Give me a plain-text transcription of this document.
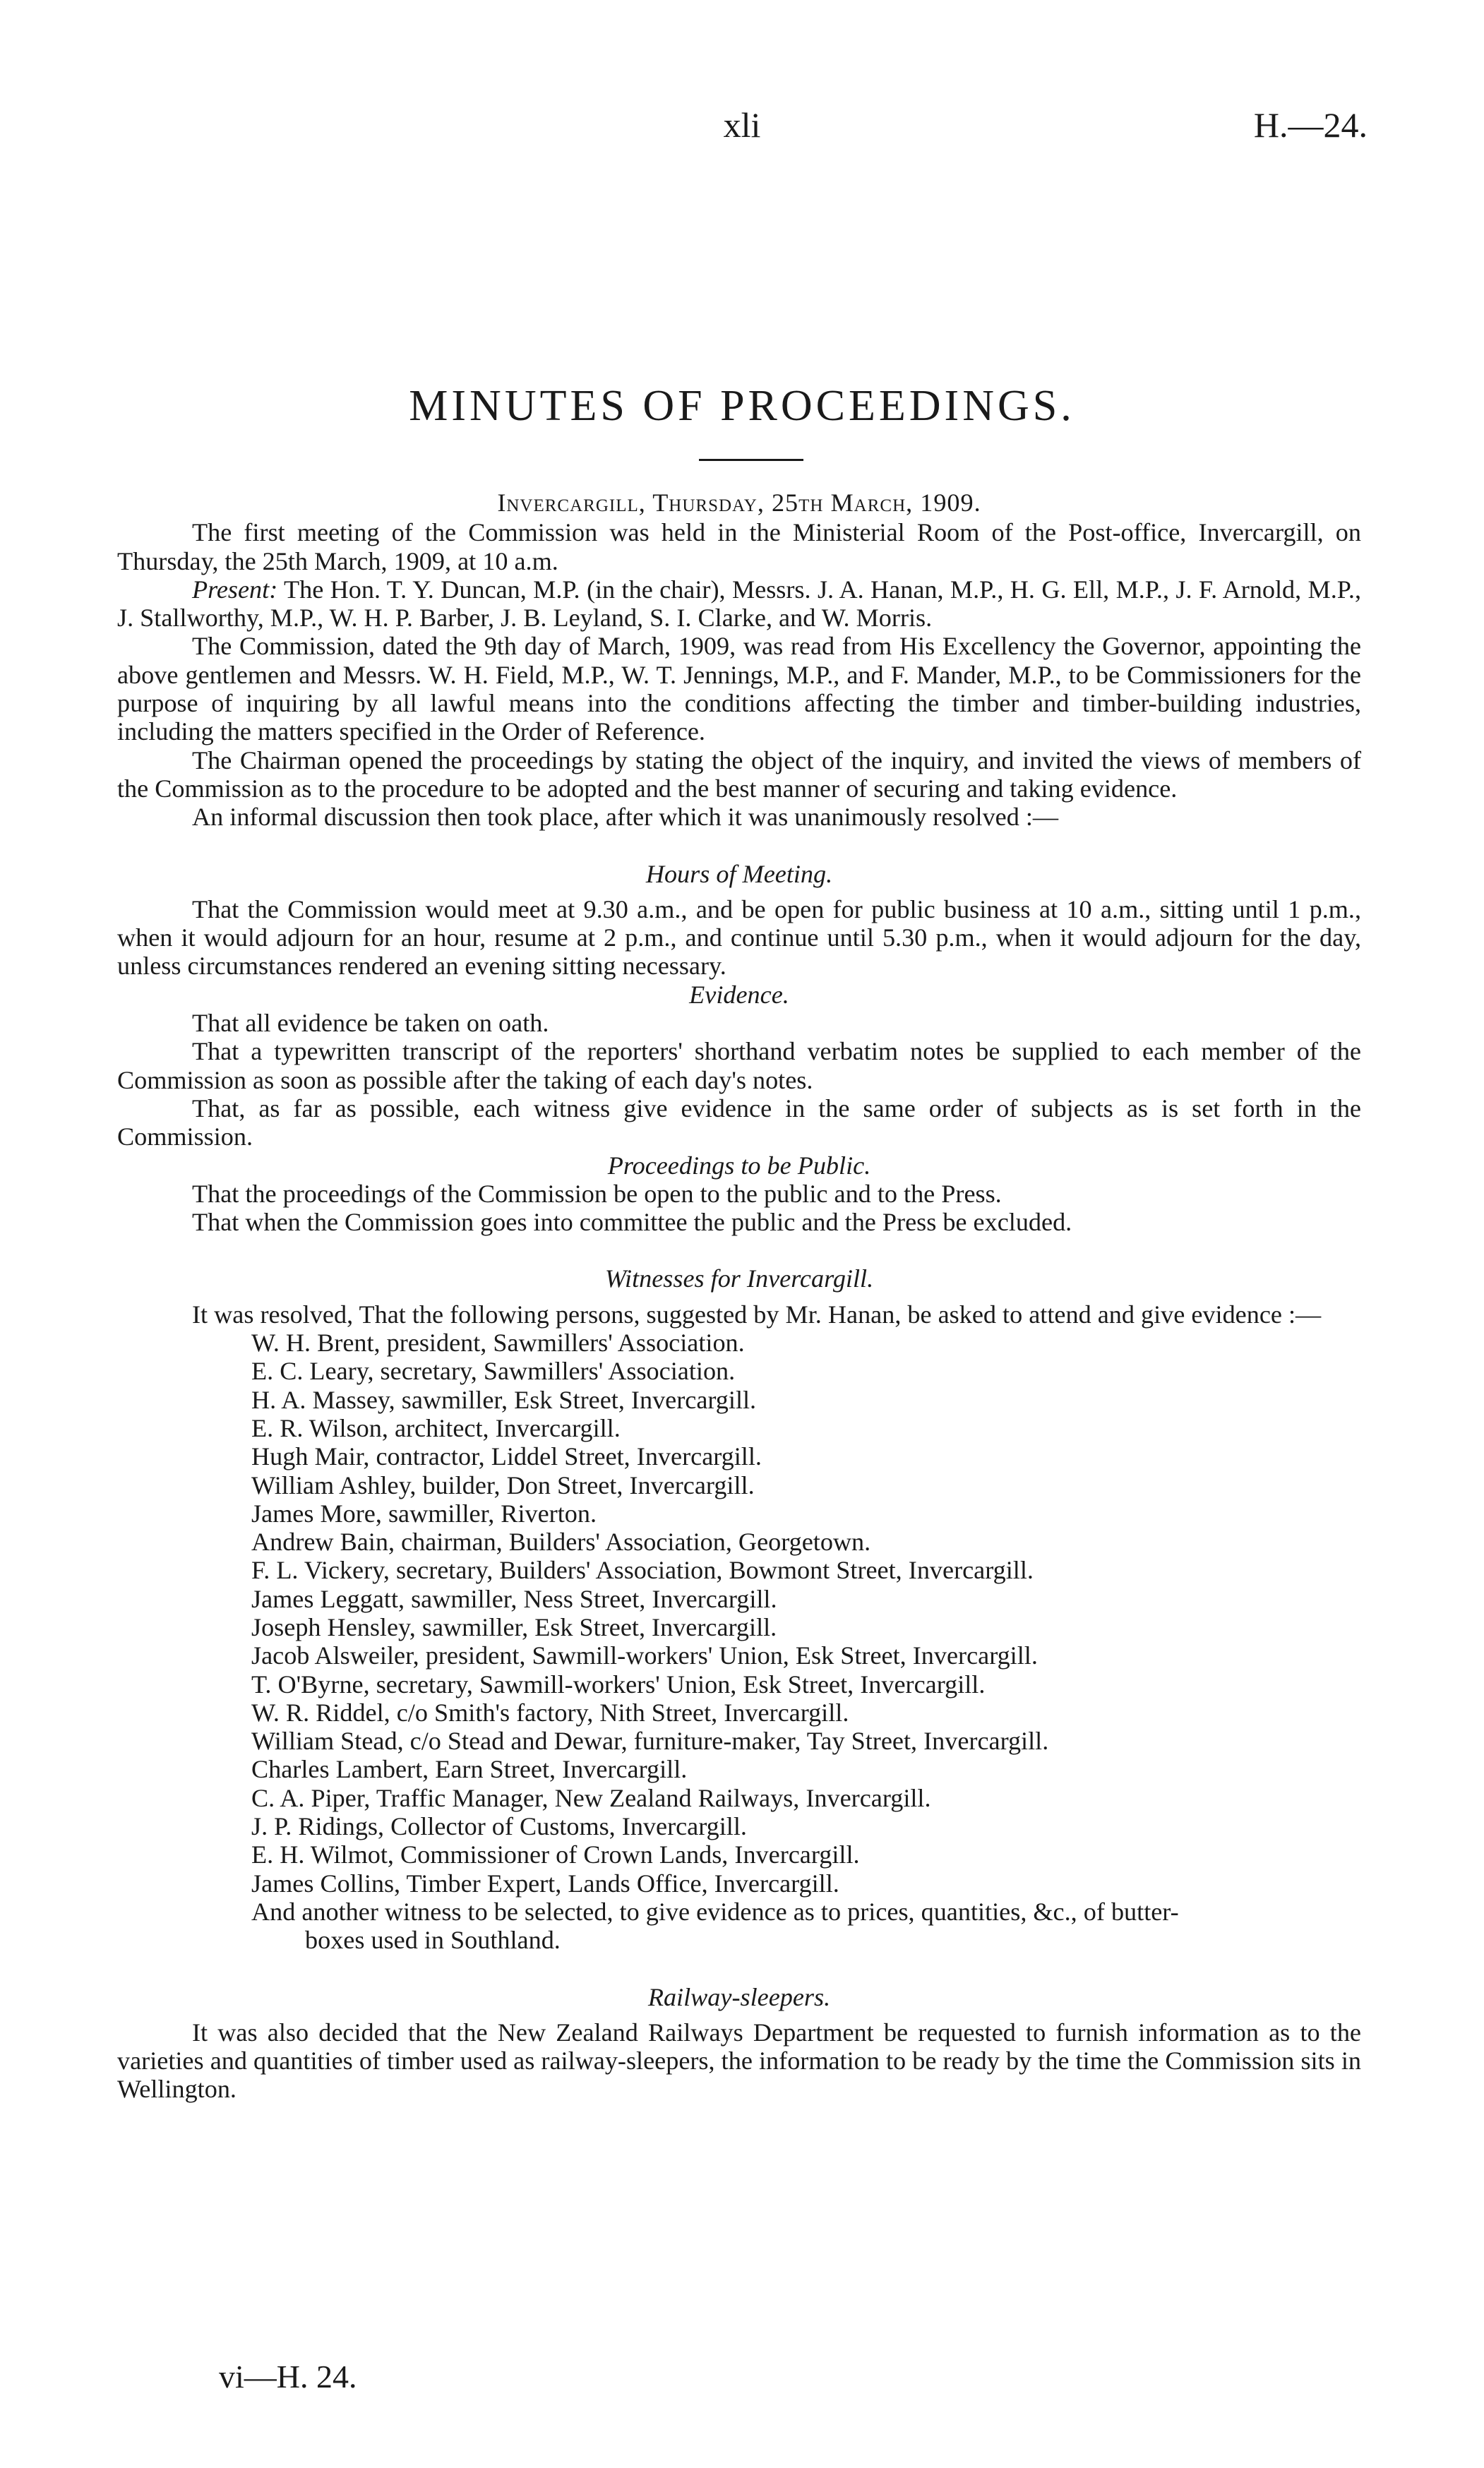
xli	H.—24.
MINUTES OF PROCEEDINGS.

Invercargill, Thursday, 25th March, 1909.

The first meeting of the Commission was held in the Ministerial Room of the Post-office, Invercargill, on Thursday, the 25th March, 1909, at 10 a.m.

Present: The Hon. T. Y. Duncan, M.P. (in the chair), Messrs. J. A. Hanan, M.P., H. G. Ell, M.P., J. F. Arnold, M.P., J. Stallworthy, M.P., W. H. P. Barber, J. B. Leyland, S. I. Clarke, and W. Morris.

The Commission, dated the 9th day of March, 1909, was read from His Excellency the Governor, appointing the above gentlemen and Messrs. W. H. Field, M.P., W. T. Jennings, M.P., and F. Mander, M.P., to be Commissioners for the purpose of inquiring by all lawful means into the conditions affecting the timber and timber-building industries, including the matters specified in the Order of Reference.

The Chairman opened the proceedings by stating the object of the inquiry, and invited the views of members of the Commission as to the procedure to be adopted and the best manner of securing and taking evidence.

An informal discussion then took place, after which it was unanimously resolved :—

Hours of Meeting.

That the Commission would meet at 9.30 a.m., and be open for public business at 10 a.m., sitting until 1 p.m., when it would adjourn for an hour, resume at 2 p.m., and continue until 5.30 p.m., when it would adjourn for the day, unless circumstances rendered an evening sitting necessary.

Evidence.

That all evidence be taken on oath.

That a typewritten transcript of the reporters' shorthand verbatim notes be supplied to each member of the Commission as soon as possible after the taking of each day's notes.

That, as far as possible, each witness give evidence in the same order of subjects as is set forth in the Commission.

Proceedings to be Public.

That the proceedings of the Commission be open to the public and to the Press.

That when the Commission goes into committee the public and the Press be excluded.

Witnesses for Invercargill.

It was resolved, That the following persons, suggested by Mr. Hanan, be asked to attend and give evidence :—

W. H. Brent, president, Sawmillers' Association.
E. C. Leary, secretary, Sawmillers' Association.
H. A. Massey, sawmiller, Esk Street, Invercargill.
E. R. Wilson, architect, Invercargill.
Hugh Mair, contractor, Liddel Street, Invercargill.
William Ashley, builder, Don Street, Invercargill.
James More, sawmiller, Riverton.
Andrew Bain, chairman, Builders' Association, Georgetown.
F. L. Vickery, secretary, Builders' Association, Bowmont Street, Invercargill.
James Leggatt, sawmiller, Ness Street, Invercargill.
Joseph Hensley, sawmiller, Esk Street, Invercargill.
Jacob Alsweiler, president, Sawmill-workers' Union, Esk Street, Invercargill.
T. O'Byrne, secretary, Sawmill-workers' Union, Esk Street, Invercargill.
W. R. Riddel, c/o Smith's factory, Nith Street, Invercargill.
William Stead, c/o Stead and Dewar, furniture-maker, Tay Street, Invercargill.
Charles Lambert, Earn Street, Invercargill.
C. A. Piper, Traffic Manager, New Zealand Railways, Invercargill.
J. P. Ridings, Collector of Customs, Invercargill.
E. H. Wilmot, Commissioner of Crown Lands, Invercargill.
James Collins, Timber Expert, Lands Office, Invercargill.

And another witness to be selected, to give evidence as to prices, quantities, &c., of butter-
boxes used in Southland.

Railway-sleepers.

It was also decided that the New Zealand Railways Department be requested to furnish information as to the varieties and quantities of timber used as railway-sleepers, the information to be ready by the time the Commission sits in Wellington.

vi—H. 24.
